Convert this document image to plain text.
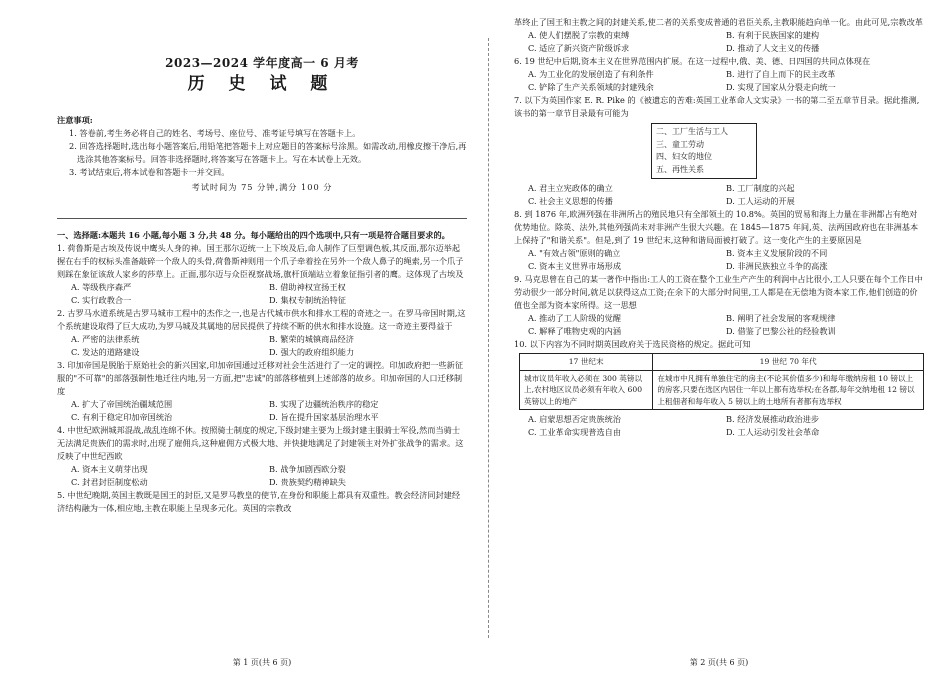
2023—2024 学年度高一 6 月考
历 史 试 题
注意事项:

1. 答卷前,考生务必将自己的姓名、考场号、座位号、准考证号填写在答题卡上。

2. 回答选择题时,选出每小题答案后,用铅笔把答题卡上对应题目的答案标号涂黑。如需改动,用橡皮擦干净后,再选涂其他答案标号。回答非选择题时,将答案写在答题卡上。写在本试卷上无效。

3. 考试结束后,将本试卷和答题卡一并交回。

考试时间为 75 分钟,满分 100 分

一、选择题:本题共 16 小题,每小题 3 分,共 48 分。每小题给出的四个选项中,只有一项是符合题目要求的。

1. 荷鲁斯是古埃及传说中鹰头人身的神。国王那尔迈统一上下埃及后,命人制作了巨型调色板,其反面,那尔迈举起握在右手的权标头准备敲碎一个敌人的头骨,荷鲁斯神则用一个爪子牵着拴在另外一个敌人鼻子的绳索,另一个爪子则踩在象征该敌人家乡的莎草上。正面,那尔迈与众臣视察战场,旗杆顶端站立着象征指引者的鹰。这体现了古埃及
A. 等级秩序森严	B. 借助神权宣扬王权
C. 实行政教合一	D. 集权专制统治特征
2. 古罗马水道系统是古罗马城市工程中的杰作之一,也是古代城市供水和排水工程的奇迹之一。在罗马帝国时期,这个系统建设取得了巨大成功,为罗马城及其属地的居民提供了持续不断的供水和排水设施。这一奇迹主要得益于
A. 严密的法律系统	B. 繁荣的城镇商品经济
C. 发达的道路建设	D. 强大的政府组织能力
3. 印加帝国是脱胎于原始社会的新兴国家,印加帝国通过迁移对社会生活进行了一定的调控。印加政府把一些新征服的"不可靠"的部落强制性地迁往内地,另一方面,把"忠诚"的部落移植到上述部落的故乡。印加帝国的人口迁移制度
A. 扩大了帝国统治疆域范围	B. 实现了边疆统治秩序的稳定
C. 有利于稳定印加帝国统治	D. 旨在提升国家基层治理水平
4. 中世纪欧洲城邦混战,战乱连绵不休。按照骑士制度的规定,下级封建主要为上级封建主服骑士军役,然而当骑士无法满足贵族们的需求时,出现了雇佣兵,这种雇佣方式极大地、并快捷地满足了封建领主对外扩张战争的需求。这反映了中世纪西欧
A. 资本主义萌芽出现	B. 战争加剧西欧分裂
C. 封君封臣制度松动	D. 贵族契约精神缺失
5. 中世纪晚期,英国主教既是国王的封臣,又是罗马教皇的使节,在身份和职能上都具有双重性。教会经济同封建经济结构融为一体,相应地,主教在职能上呈现多元化。英国的宗教改
第 1 页(共 6 页)
革终止了国王和主教之间的封建关系,使二者的关系变成普通的君臣关系,主教职能趋向单一化。由此可见,宗教改革
A. 使人们摆脱了宗教的束缚	B. 有利于民族国家的建构
C. 适应了新兴资产阶级诉求	D. 推动了人文主义的传播
6. 19 世纪中后期,资本主义在世界范围内扩展。在这一过程中,俄、美、德、日四国的共同点体现在
A. 为工业化的发展创造了有利条件	B. 进行了自上而下的民主改革
C. 铲除了生产关系领域的封建残余	D. 实现了国家从分裂走向统一
7. 以下为英国作家 E. R. Pike 的《被遗忘的苦难:英国工业革命人文实录》一书的第二至五章节目录。据此推测,该书的第一章节目录最有可能为
二、工厂生活与工人
三、童工劳动
四、妇女的地位
五、再性关系
A. 君主立宪政体的确立	B. 工厂制度的兴起
C. 社会主义思想的传播	D. 工人运动的开展
8. 到 1876 年,欧洲列强在非洲所占的殖民地只有全部领土的 10.8%。英国的贸易和海上力量在非洲都占有绝对优势地位。除英、法外,其他列强尚未对非洲产生很大兴趣。在 1845—1875 年间,英、法两国政府也在非洲基本上保持了"和谐关系"。但是,到了 19 世纪末,这种和谐局面被打破了。这一变化产生的主要原因是
A. "有效占领"原则的确立	B. 资本主义发展阶段的不同
C. 资本主义世界市场形成	D. 非洲民族独立斗争的高涨
9. 马克思曾在自己的某一著作中指出:工人的工资在整个工业生产产生的利润中占比很小,工人只要在每个工作日中劳动很少一部分时间,就足以获得这点工资;在余下的大部分时间里,工人都是在无偿地为资本家工作,他们创造的价值也全部为资本家所得。这一思想
A. 推动了工人阶级的觉醒	B. 阐明了社会发展的客观规律
C. 解释了唯物史观的内涵	D. 借鉴了巴黎公社的经验教训
10. 以下内容为不同时期英国政府关于选民资格的规定。据此可知
17 世纪末	19 世纪 70 年代
城市议员年收入必须在 300 英镑以上,农村地区议员必须有年收入 600 英镑以上的地产	在城市中凡拥有单独住宅的房主(不论其价值多少)和每年缴纳房租 10 镑以上的房客,只要在选区内居住一年以上都有选举权;在各郡,每年交纳地租 12 镑以上租佃者和每年收入 5 镑以上的土地所有者都有选举权
A. 启蒙思想否定贵族统治	B. 经济发展推动政治进步
C. 工业革命实现普选自由	D. 工人运动引发社会革命
第 2 页(共 6 页)
